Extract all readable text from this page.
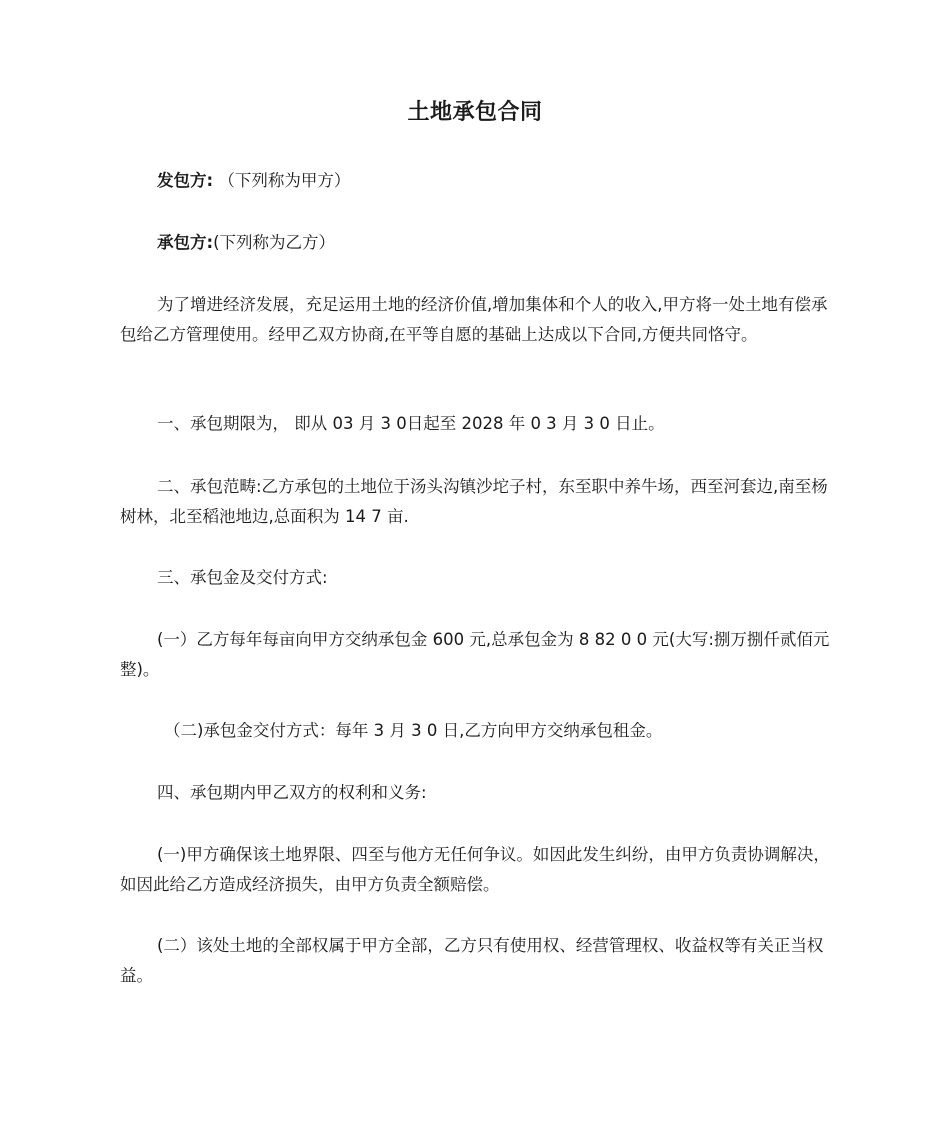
土地承包合同

发包方: （下列称为甲方）

承包方:(下列称为乙方）

为了增进经济发展，充足运用土地的经济价值,增加集体和个人的收入,甲方将一处土地有偿承包给乙方管理使用。经甲乙双方协商,在平等自愿的基础上达成以下合同,方便共同恪守。

一、承包期限为， 即从 03 月 3 0日起至 2028 年 0 3 月 3 0 日止。

二、承包范畴:乙方承包的土地位于汤头沟镇沙坨子村，东至职中养牛场，西至河套边,南至杨树林，北至稻池地边,总面积为 14 7 亩.

三、承包金及交付方式:

(一）乙方每年每亩向甲方交纳承包金 600 元,总承包金为 8 82 0 0 元(大写:捌万捌仟贰佰元整)。

（二)承包金交付方式：每年 3 月 3 0 日,乙方向甲方交纳承包租金。

四、承包期内甲乙双方的权利和义务:

(一)甲方确保该土地界限、四至与他方无任何争议。如因此发生纠纷，由甲方负责协调解决，如因此给乙方造成经济损失，由甲方负责全额赔偿。

(二）该处土地的全部权属于甲方全部，乙方只有使用权、经营管理权、收益权等有关正当权益。
